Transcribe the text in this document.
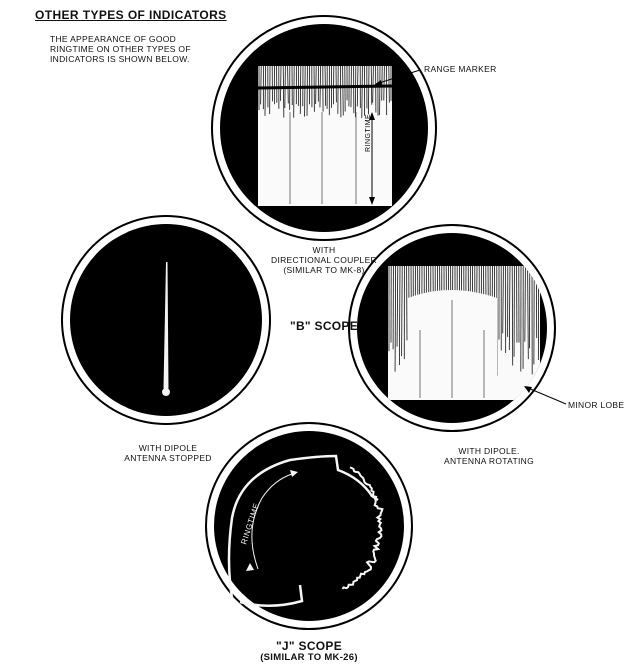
OTHER TYPES OF INDICATORS
THE APPEARANCE OF GOOD RINGTIME ON OTHER TYPES OF INDICATORS IS SHOWN BELOW.
RINGTIME
RINGTIME
RANGE MARKER
WITH
DIRECTIONAL COUPLER
(SIMILAR TO MK-8)
"B" SCOPE
WITH DIPOLE
ANTENNA STOPPED
WITH DIPOLE.
ANTENNA ROTATING
MINOR LOBE
"J" SCOPE
(SIMILAR TO MK-26)
